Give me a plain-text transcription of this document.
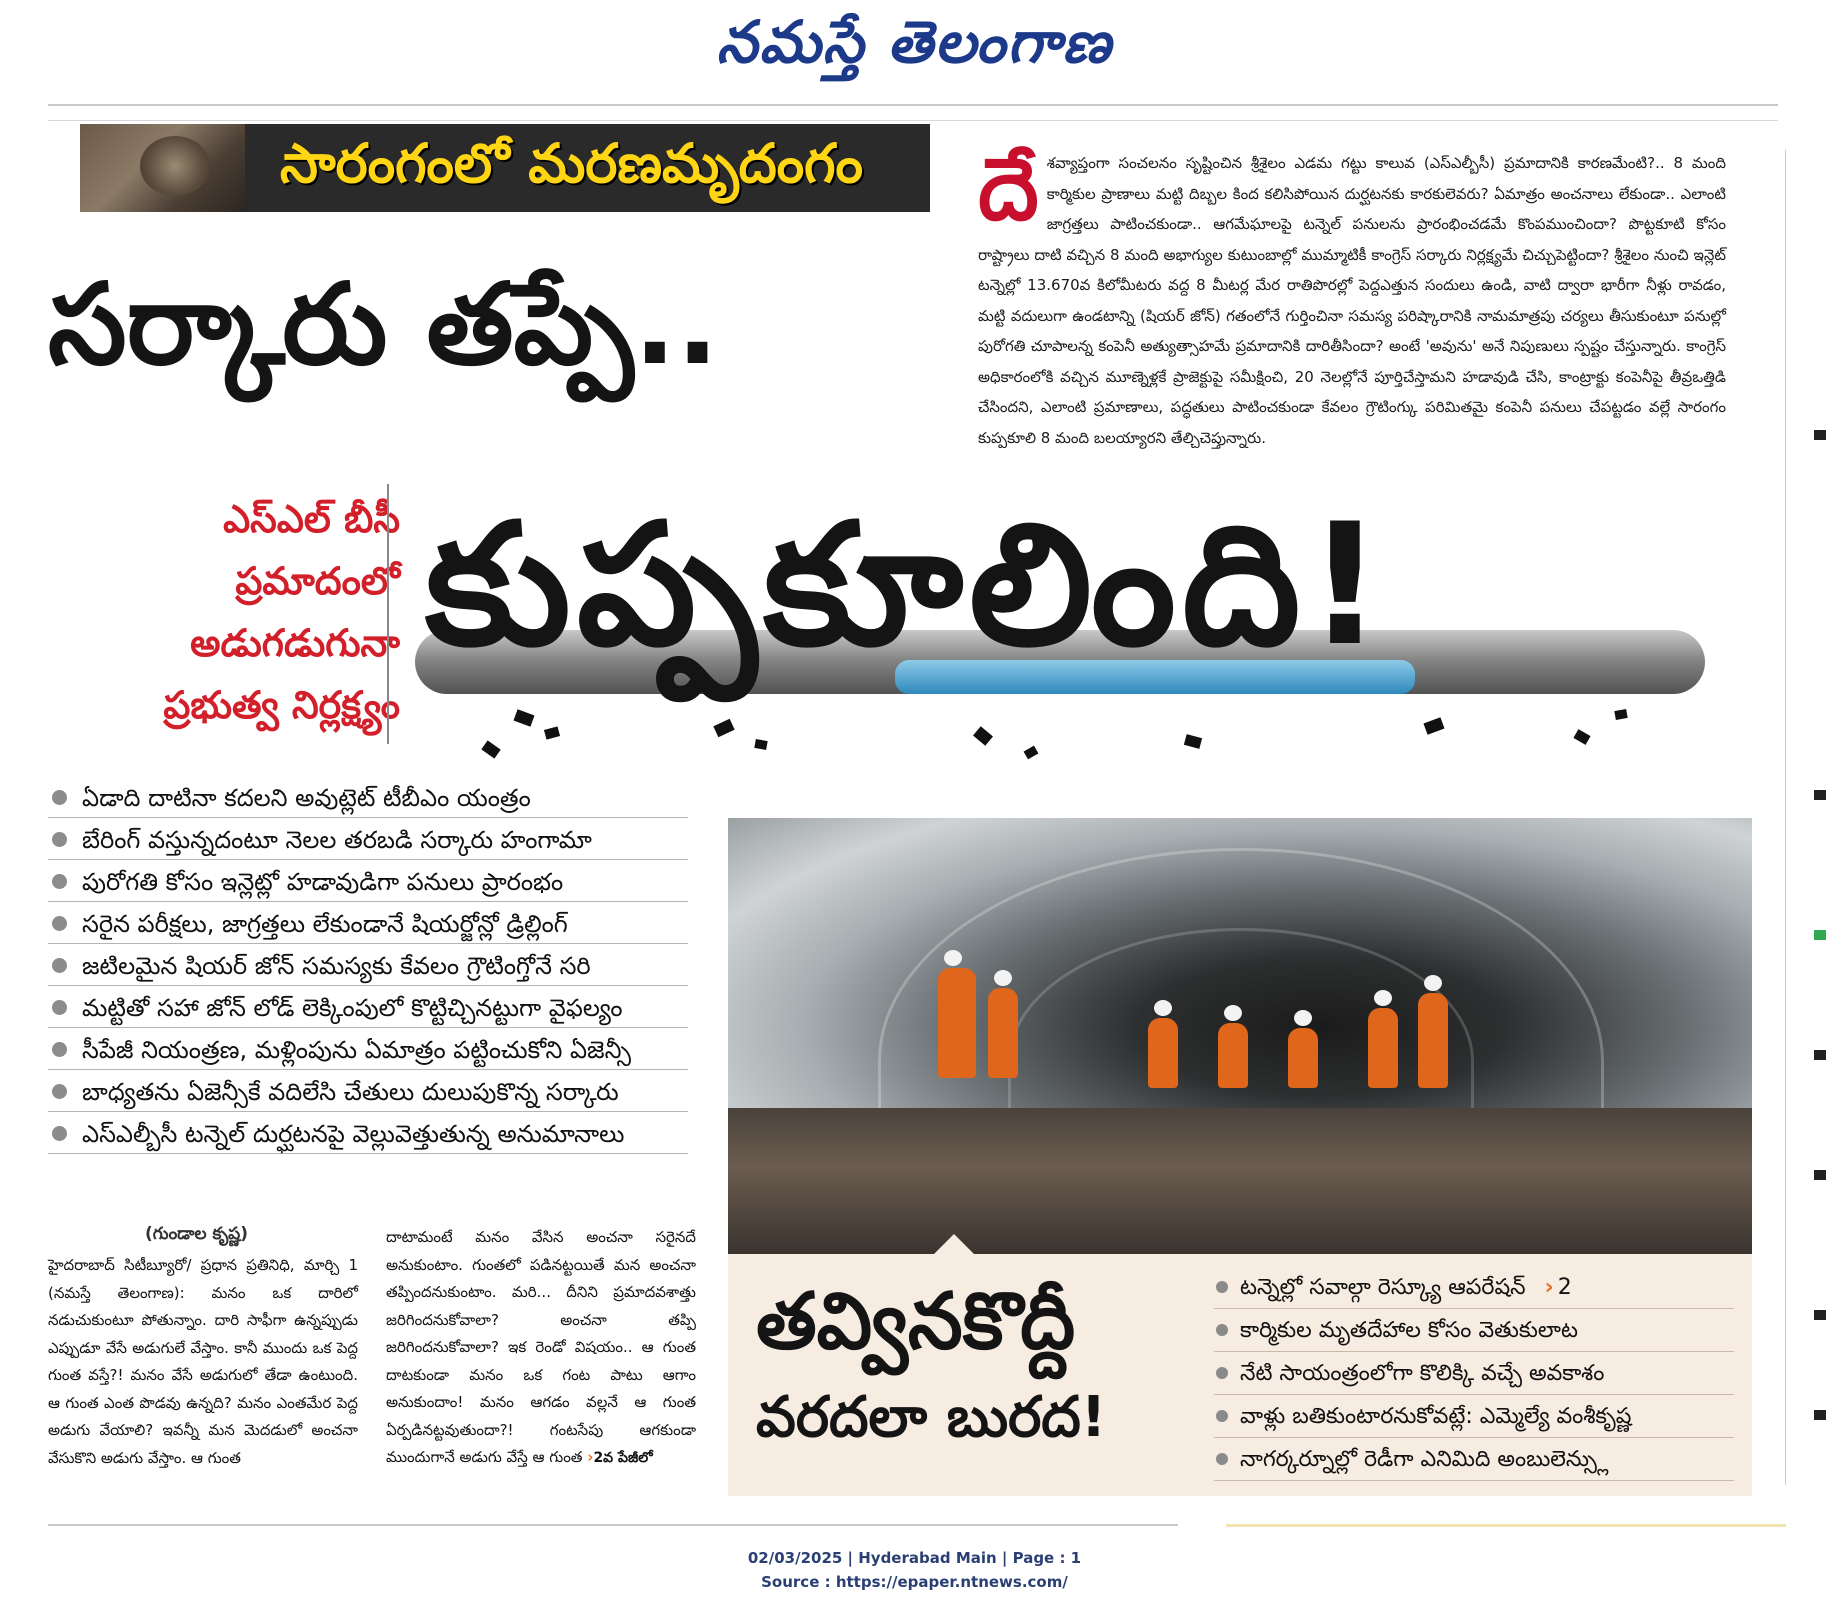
నమస్తే తెలంగాణ
సారంగంలో మరణమృదంగం దే శవ్యాప్తంగా సంచలనం సృష్టించిన శ్రీశైలం ఎడమ గట్టు కాలువ (ఎస్ఎల్బీసీ) ప్రమాదానికి కారణమేంటి?.. 8 మంది కార్మికుల ప్రాణాలు మట్టి దిబ్బల కింద కలిసిపోయిన దుర్ఘటనకు కారకులెవరు? ఏమాత్రం అంచనాలు లేకుండా.. ఎలాంటి జాగ్రత్తలు పాటించకుండా.. ఆగమేఘాలపై టన్నెల్ పనులను ప్రారంభించడమే కొంపముంచిందా? పొట్టకూటి కోసం రాష్ట్రాలు దాటి వచ్చిన 8 మంది అభాగ్యుల కుటుంబాల్లో ముమ్మాటికీ కాంగ్రెస్ సర్కారు నిర్లక్ష్యమే చిచ్చుపెట్టిందా? శ్రీశైలం నుంచి ఇన్లెట్ టన్నెల్లో 13.670వ కిలోమీటరు వద్ద 8 మీటర్ల మేర రాతిపొరల్లో పెద్దఎత్తున సందులు ఉండి, వాటి ద్వారా భారీగా నీళ్లు రావడం, మట్టి వదులుగా ఉండటాన్ని (షియర్ జోన్) గతంలోనే గుర్తించినా సమస్య పరిష్కారానికి నామమాత్రపు చర్యలు తీసుకుంటూ పనుల్లో పురోగతి చూపాలన్న కంపెనీ అత్యుత్సాహమే ప్రమాదానికి దారితీసిందా? అంటే 'అవును' అనే నిపుణులు స్పష్టం చేస్తున్నారు. కాంగ్రెస్ అధికారంలోకి వచ్చిన మూణ్నెళ్లకే ప్రాజెక్టుపై సమీక్షించి, 20 నెలల్లోనే పూర్తిచేస్తామని హడావుడి చేసి, కాంట్రాక్టు కంపెనీపై తీవ్రఒత్తిడి చేసిందని, ఎలాంటి ప్రమాణాలు, పద్ధతులు పాటించకుండా కేవలం గ్రౌటింగ్కు పరిమితమై కంపెనీ పనులు చేపట్టడం వల్లే సారంగం కుప్పకూలి 8 మంది బలయ్యారని తేల్చిచెప్తున్నారు.
సర్కారు తప్పే..
ఎస్ఎల్ బీసీ
ప్రమాదంలో
అడుగడుగునా
ప్రభుత్వ నిర్లక్ష్యం
కుప్పకూలింది!
ఏడాది దాటినా కదలని అవుట్లెట్ టీబీఎం యంత్రం
బేరింగ్ వస్తున్నదంటూ నెలల తరబడి సర్కారు హంగామా
పురోగతి కోసం ఇన్లెట్లో హడావుడిగా పనులు ప్రారంభం
సరైన పరీక్షలు, జాగ్రత్తలు లేకుండానే షియర్జోన్లో డ్రిల్లింగ్
జటిలమైన షియర్ జోన్ సమస్యకు కేవలం గ్రౌటింగ్తోనే సరి
మట్టితో సహా జోన్ లోడ్ లెక్కింపులో కొట్టిచ్చినట్టుగా వైఫల్యం
సీపేజీ నియంత్రణ, మళ్లింపును ఏమాత్రం పట్టించుకోని ఏజెన్సీ
బాధ్యతను ఏజెన్సీకే వదిలేసి చేతులు దులుపుకొన్న సర్కారు
ఎస్ఎల్బీసీ టన్నెల్ దుర్ఘటనపై వెల్లువెత్తుతున్న అనుమానాలు
తవ్వినకొద్దీ
వరదలా బురద!
టన్నెల్లో సవాల్గా రెస్క్యూ ఆపరేషన్ › 2
కార్మికుల మృతదేహాల కోసం వెతుకులాట
నేటి సాయంత్రంలోగా కొలిక్కి వచ్చే అవకాశం
వాళ్లు బతికుంటారనుకోవట్లే: ఎమ్మెల్యే వంశీకృష్ణ
నాగర్కర్నూల్లో రెడీగా ఎనిమిది అంబులెన్స్లు
(గుండాల కృష్ణ)
హైదరాబాద్ సిటీబ్యూరో/ ప్రధాన ప్రతినిధి, మార్చి 1 (నమస్తే తెలంగాణ): మనం ఒక దారిలో నడుచుకుంటూ పోతున్నాం. దారి సాఫీగా ఉన్నప్పుడు ఎప్పుడూ వేసే అడుగులే వేస్తాం. కానీ ముందు ఒక పెద్ద గుంత వస్తే?! మనం వేసే అడుగులో తేడా ఉంటుంది. ఆ గుంత ఎంత పొడవు ఉన్నది? మనం ఎంతమేర పెద్ద అడుగు వేయాలి? ఇవన్నీ మన మెదడులో అంచనా వేసుకొని అడుగు వేస్తాం. ఆ గుంత
దాటామంటే మనం వేసిన అంచనా సరైనదే అనుకుంటాం. గుంతలో పడినట్టయితే మన అంచనా తప్పిందనుకుంటాం. మరి... దీనిని ప్రమాదవశాత్తు జరిగిందనుకోవాలా? అంచనా తప్పి జరిగిందనుకోవాలా? ఇక రెండో విషయం.. ఆ గుంత దాటకుండా మనం ఒక గంట పాటు ఆగాం అనుకుందాం! మనం ఆగడం వల్లనే ఆ గుంత ఏర్పడినట్టవుతుందా?! గంటసేపు ఆగకుండా ముందుగానే అడుగు వేస్తే ఆ గుంత ›2వ పేజీలో
02/03/2025 | Hyderabad Main | Page : 1
Source : https://epaper.ntnews.com/
